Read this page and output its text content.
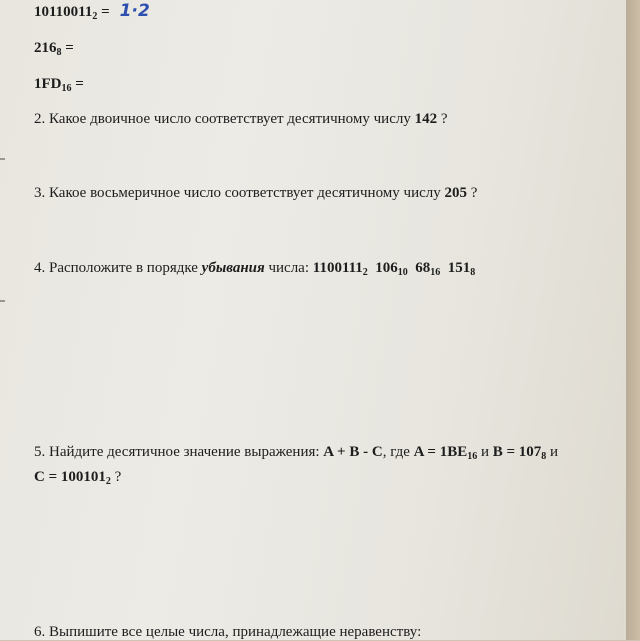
$10110011_2 = 1\cdot 2$
$216_8$ =
$1FD_{16}$ =
2. Какое двоичное число соответствует десятичному числу 142 ?
3. Какое восьмеричное число соответствует десятичному числу 205 ?
4. Расположите в порядке убывания числа: $1100111_2$ $106_{10}$ $68_{16}$ $151_8$
5. Найдите десятичное значение выражения: A + B - C, где $A = 1BE_{16}$ и $B = 107_8$ и
$C = 100101_2$ ?
6. Выпишите все целые числа, принадлежащие неравенству:
